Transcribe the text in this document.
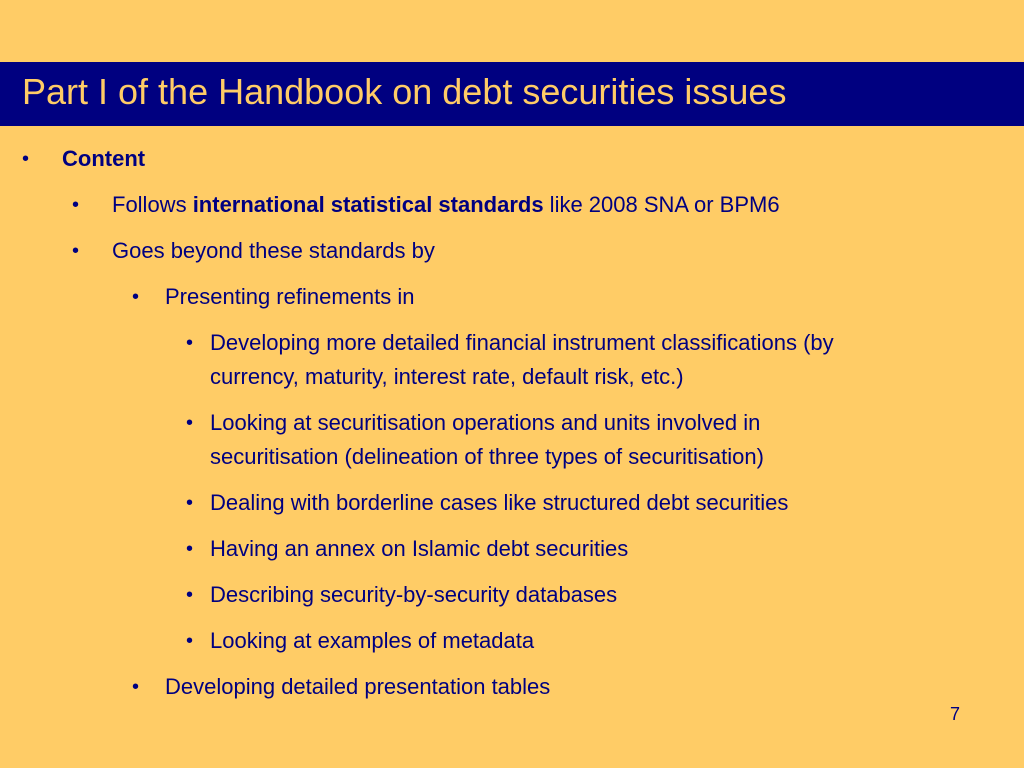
Part I of the Handbook on debt securities issues
• Content
• Follows international statistical standards like 2008 SNA or BPM6
• Goes beyond these standards by
• Presenting refinements in
• Developing more detailed financial instrument classifications (by
currency, maturity, interest rate, default risk, etc.)
• Looking at securitisation operations and units involved in
securitisation (delineation of three types of securitisation)
• Dealing with borderline cases like structured debt securities
• Having an annex on Islamic debt securities
• Describing security-by-security databases
• Looking at examples of metadata
• Developing detailed presentation tables
7
